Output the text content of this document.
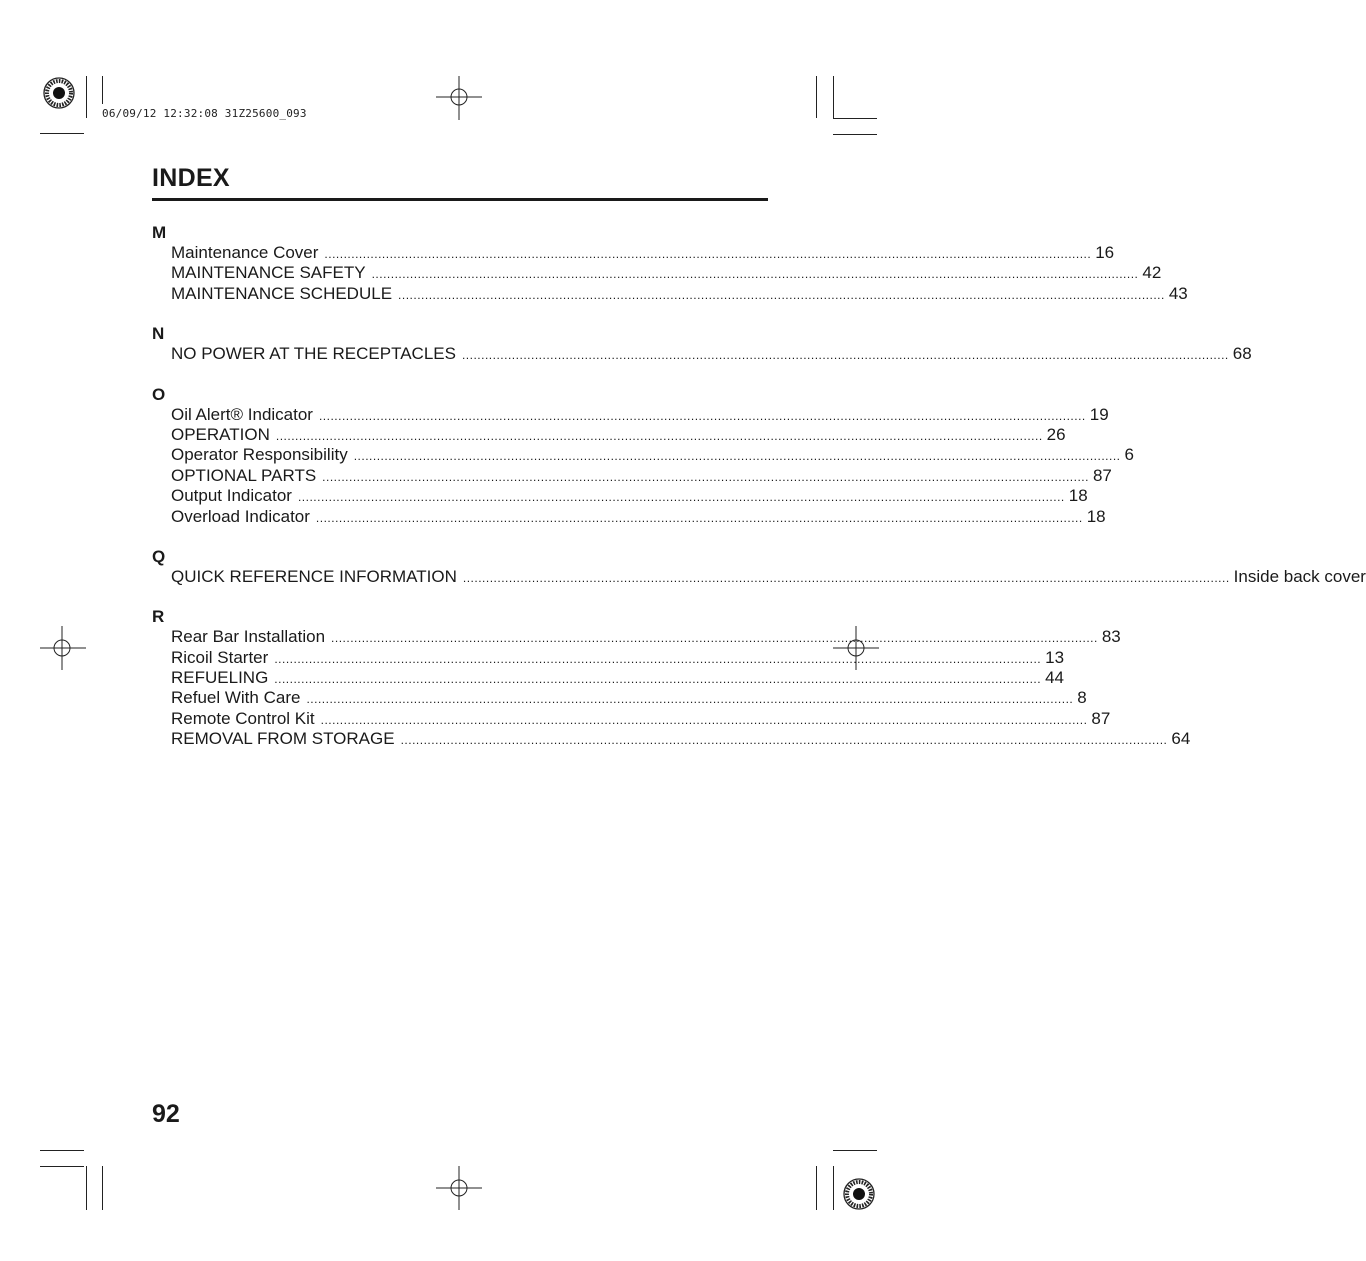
06/09/12 12:32:08 31Z25600_093
INDEX
M
Maintenance Cover ........................................................................................................................................................................................................ 16
MAINTENANCE SAFETY ........................................................................................................................................................................................................ 42
MAINTENANCE SCHEDULE ........................................................................................................................................................................................................ 43
N
NO POWER AT THE RECEPTACLES ........................................................................................................................................................................................................ 68
O
Oil Alert® Indicator ........................................................................................................................................................................................................ 19
OPERATION ........................................................................................................................................................................................................ 26
Operator Responsibility ........................................................................................................................................................................................................ 6
OPTIONAL PARTS ........................................................................................................................................................................................................ 87
Output Indicator ........................................................................................................................................................................................................ 18
Overload Indicator ........................................................................................................................................................................................................ 18
Q
QUICK REFERENCE INFORMATION ........................................................................................................................................................................................................ Inside back cover
R
Rear Bar Installation ........................................................................................................................................................................................................ 83
Ricoil Starter ........................................................................................................................................................................................................ 13
REFUELING ........................................................................................................................................................................................................ 44
Refuel With Care ........................................................................................................................................................................................................ 8
Remote Control Kit ........................................................................................................................................................................................................ 87
REMOVAL FROM STORAGE ........................................................................................................................................................................................................ 64
92
